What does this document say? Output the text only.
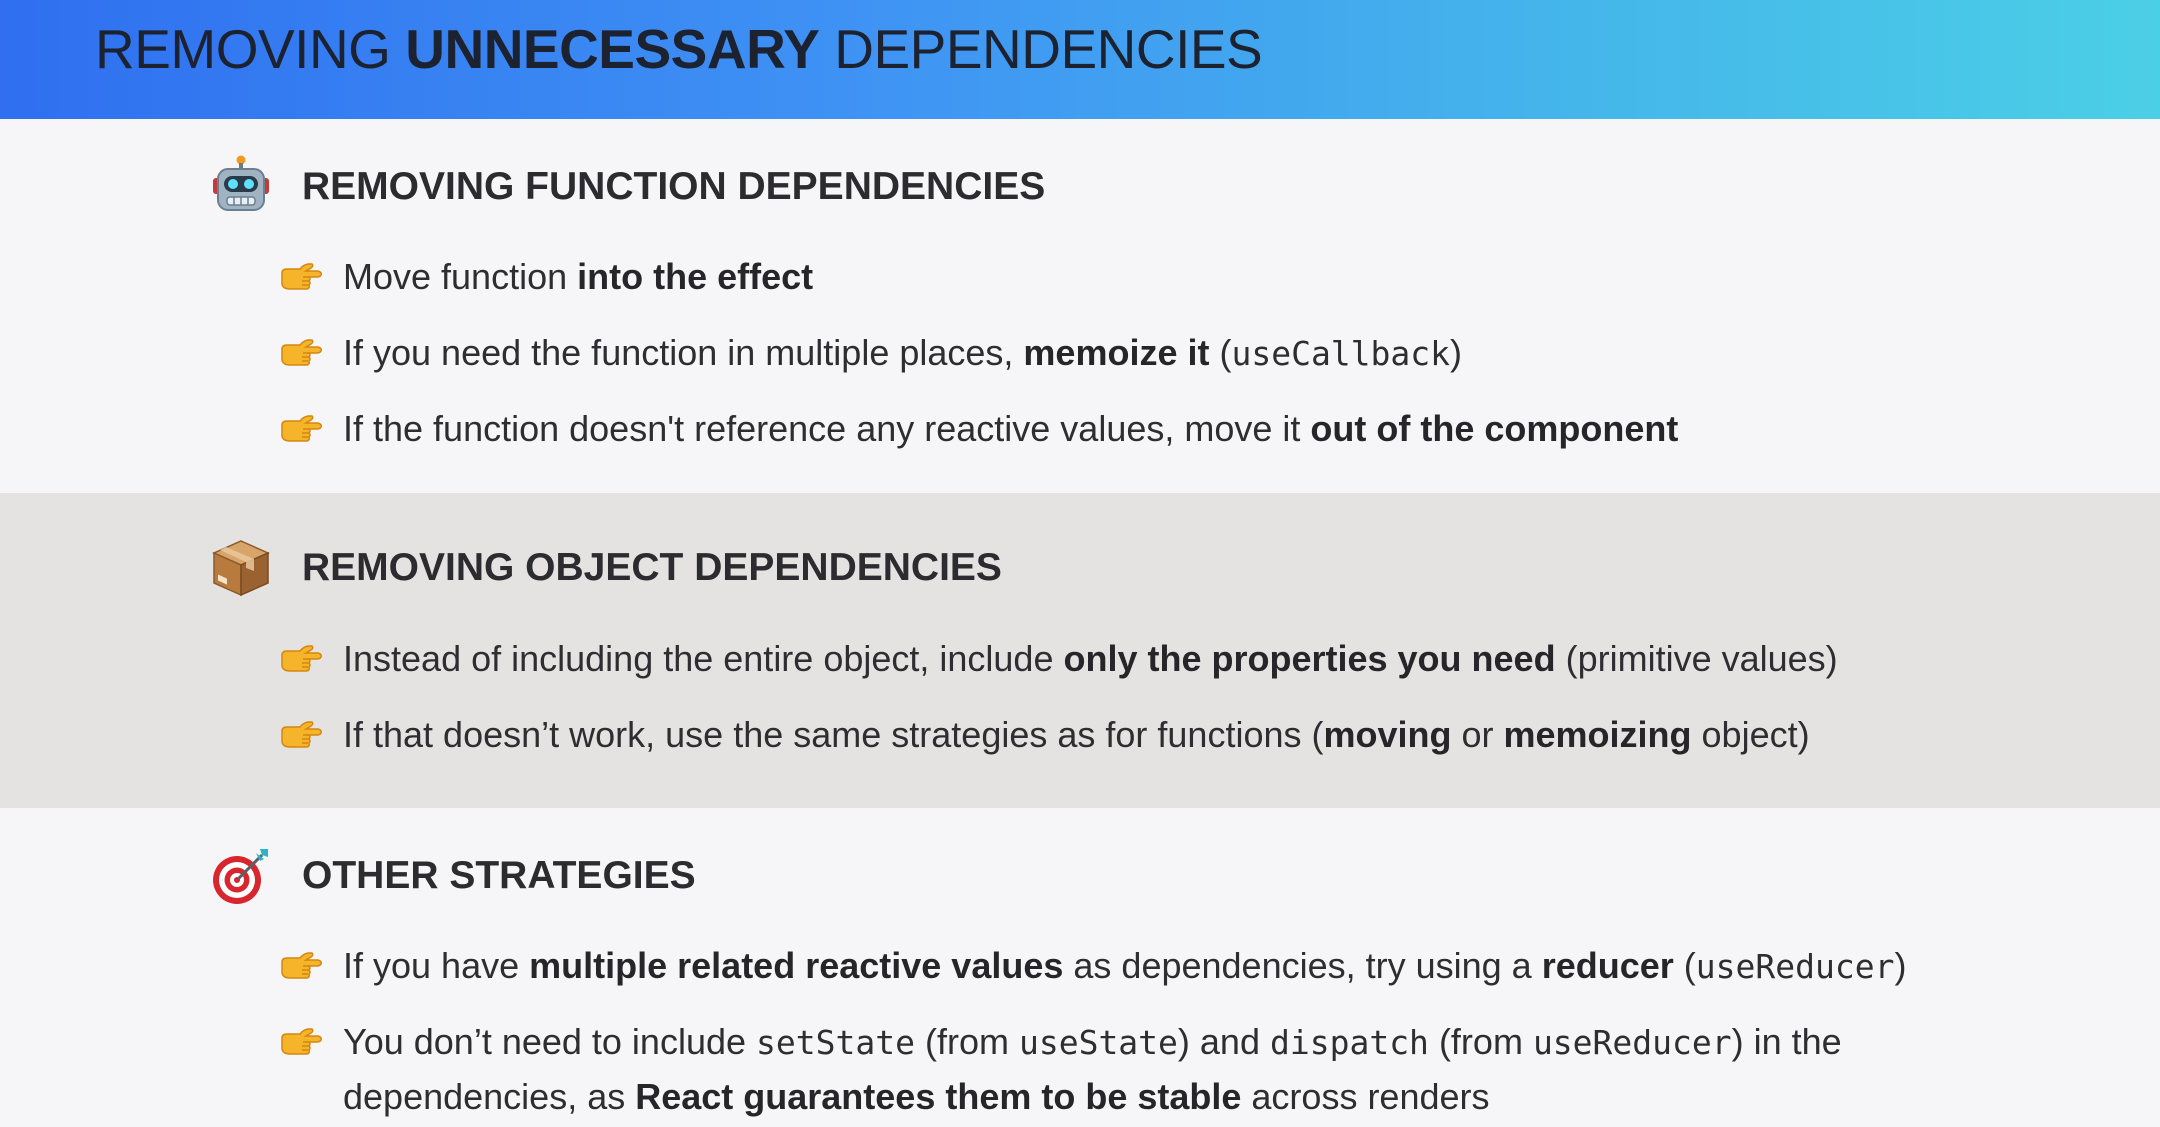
REMOVING UNNECESSARY DEPENDENCIES
REMOVING FUNCTION DEPENDENCIES
Move function into the effect
If you need the function in multiple places, memoize it (useCallback)
If the function doesn't reference any reactive values, move it out of the component
REMOVING OBJECT DEPENDENCIES
Instead of including the entire object, include only the properties you need (primitive values)
If that doesn’t work, use the same strategies as for functions (moving or memoizing object)
OTHER STRATEGIES
If you have multiple related reactive values as dependencies, try using a reducer (useReducer)
You don’t need to include setState (from useState) and dispatch (from useReducer) in the dependencies, as React guarantees them to be stable across renders
